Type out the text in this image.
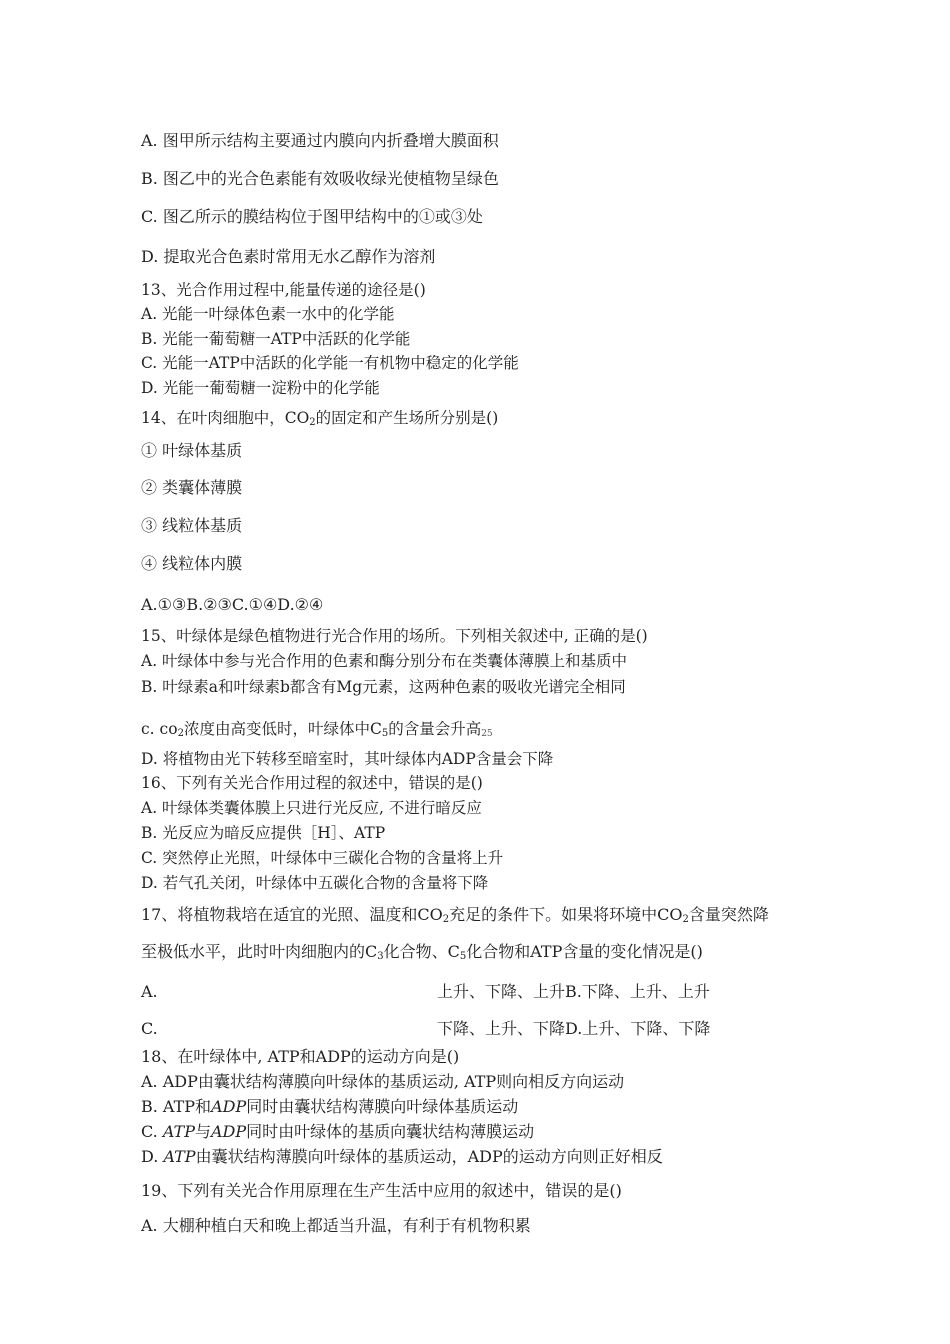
A. 图甲所示结构主要通过内膜向内折叠增大膜面积
B. 图乙中的光合色素能有效吸收绿光使植物呈绿色
C. 图乙所示的膜结构位于图甲结构中的①或③处
D. 提取光合色素时常用无水乙醇作为溶剂
13、光合作用过程中,能量传递的途径是()
A. 光能一叶绿体色素一水中的化学能
B. 光能一葡萄糖一ATP中活跃的化学能
C. 光能一ATP中活跃的化学能一有机物中稳定的化学能
D. 光能一葡萄糖一淀粉中的化学能
14、在叶肉细胞中，$CO_2$的固定和产生场所分别是()
① 叶绿体基质
② 类囊体薄膜
③ 线粒体基质
④ 线粒体内膜
A.①③B.②③C.①④D.②④
15、叶绿体是绿色植物进行光合作用的场所。下列相关叙述中, 正确的是()
A. 叶绿体中参与光合作用的色素和酶分别分布在类囊体薄膜上和基质中
B. 叶绿素a和叶绿素b都含有Mg元素，这两种色素的吸收光谱完全相同
c. $co_2$浓度由高变低时，叶绿体中$C_5$的含量会升高25
D. 将植物由光下转移至暗室时，其叶绿体内ADP含量会下降
16、下列有关光合作用过程的叙述中，错误的是()
A. 叶绿体类囊体膜上只进行光反应, 不进行暗反应
B. 光反应为暗反应提供［H］、ATP
C. 突然停止光照，叶绿体中三碳化合物的含量将上升
D. 若气孔关闭，叶绿体中五碳化合物的含量将下降
17、将植物栽培在适宜的光照、温度和$CO_2$充足的条件下。如果将环境中$CO_2$含量突然降
至极低水平，此时叶肉细胞内的$C_3$化合物、$C_5$化合物和ATP含量的变化情况是()
A.	上升、下降、上升B.下降、上升、上升
C.	下降、上升、下降D.上升、下降、下降
18、在叶绿体中, ATP和ADP的运动方向是()
A. ADP由囊状结构薄膜向叶绿体的基质运动, ATP则向相反方向运动
B. ATP和ADP同时由囊状结构薄膜向叶绿体基质运动
C. ATP与ADP同时由叶绿体的基质向囊状结构薄膜运动
D. ATP由囊状结构薄膜向叶绿体的基质运动，ADP的运动方向则正好相反
19、下列有关光合作用原理在生产生活中应用的叙述中，错误的是()
A. 大棚种植白天和晚上都适当升温，有利于有机物积累
